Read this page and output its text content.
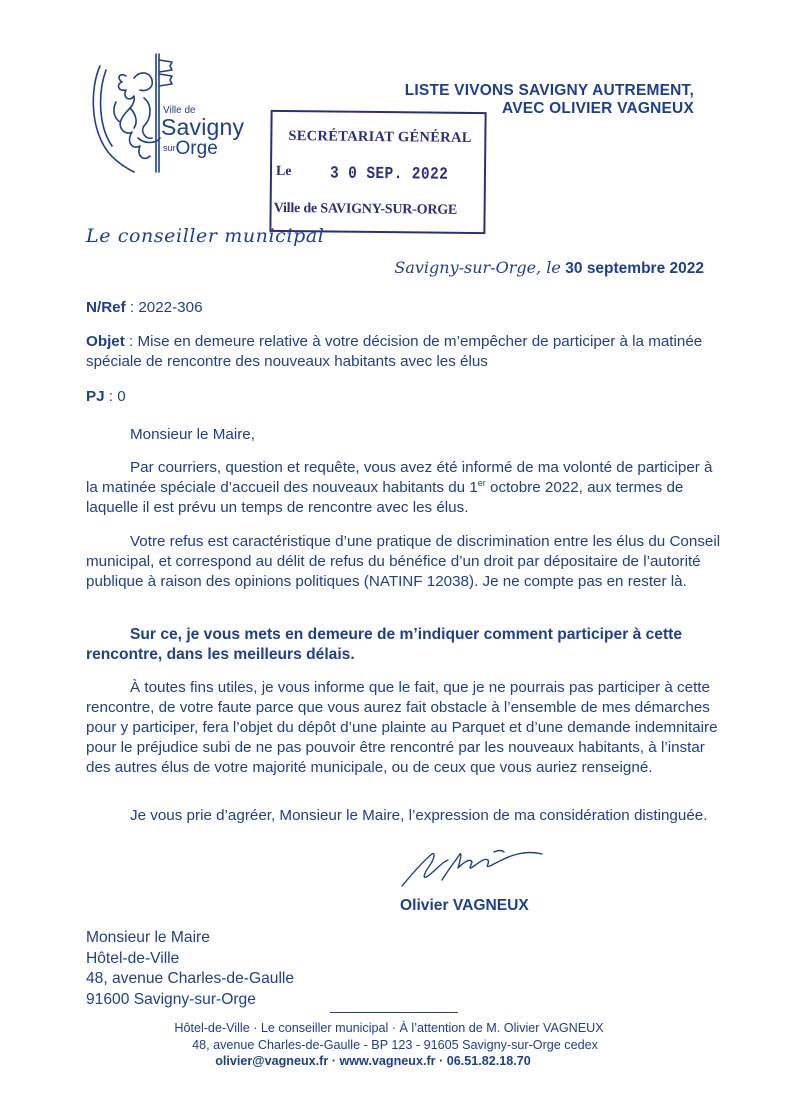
Ville de
Savigny
surOrge
LISTE VIVONS SAVIGNY AUTREMENT,
AVEC OLIVIER VAGNEUX
SECRÉTARIAT GÉNÉRAL
Le 3 0 SEP. 2022
Ville de SAVIGNY-SUR-ORGE
Le conseiller municipal
Savigny-sur-Orge, le 30 septembre 2022
N/Ref : 2022-306
Objet : Mise en demeure relative à votre décision de m’empêcher de participer à la matinée spéciale de rencontre des nouveaux habitants avec les élus
PJ : 0
Monsieur le Maire,
Par courriers, question et requête, vous avez été informé de ma volonté de participer à la matinée spéciale d’accueil des nouveaux habitants du 1er octobre 2022, aux termes de laquelle il est prévu un temps de rencontre avec les élus.
Votre refus est caractéristique d’une pratique de discrimination entre les élus du Conseil municipal, et correspond au délit de refus du bénéfice d’un droit par dépositaire de l’autorité publique à raison des opinions politiques (NATINF 12038). Je ne compte pas en rester là.
Sur ce, je vous mets en demeure de m’indiquer comment participer à cette rencontre, dans les meilleurs délais.
À toutes fins utiles, je vous informe que le fait, que je ne pourrais pas participer à cette rencontre, de votre faute parce que vous aurez fait obstacle à l’ensemble de mes démarches pour y participer, fera l’objet du dépôt d’une plainte au Parquet et d’une demande indemnitaire pour le préjudice subi de ne pas pouvoir être rencontré par les nouveaux habitants, à l’instar des autres élus de votre majorité municipale, ou de ceux que vous auriez renseigné.
Je vous prie d’agréer, Monsieur le Maire, l’expression de ma considération distinguée.
Olivier VAGNEUX
Monsieur le Maire
Hôtel-de-Ville
48, avenue Charles-de-Gaulle
91600 Savigny-sur-Orge
Hôtel-de-Ville · Le conseiller municipal · À l’attention de M. Olivier VAGNEUX
48, avenue Charles-de-Gaulle - BP 123 - 91605 Savigny-sur-Orge cedex
olivier@vagneux.fr · www.vagneux.fr · 06.51.82.18.70
